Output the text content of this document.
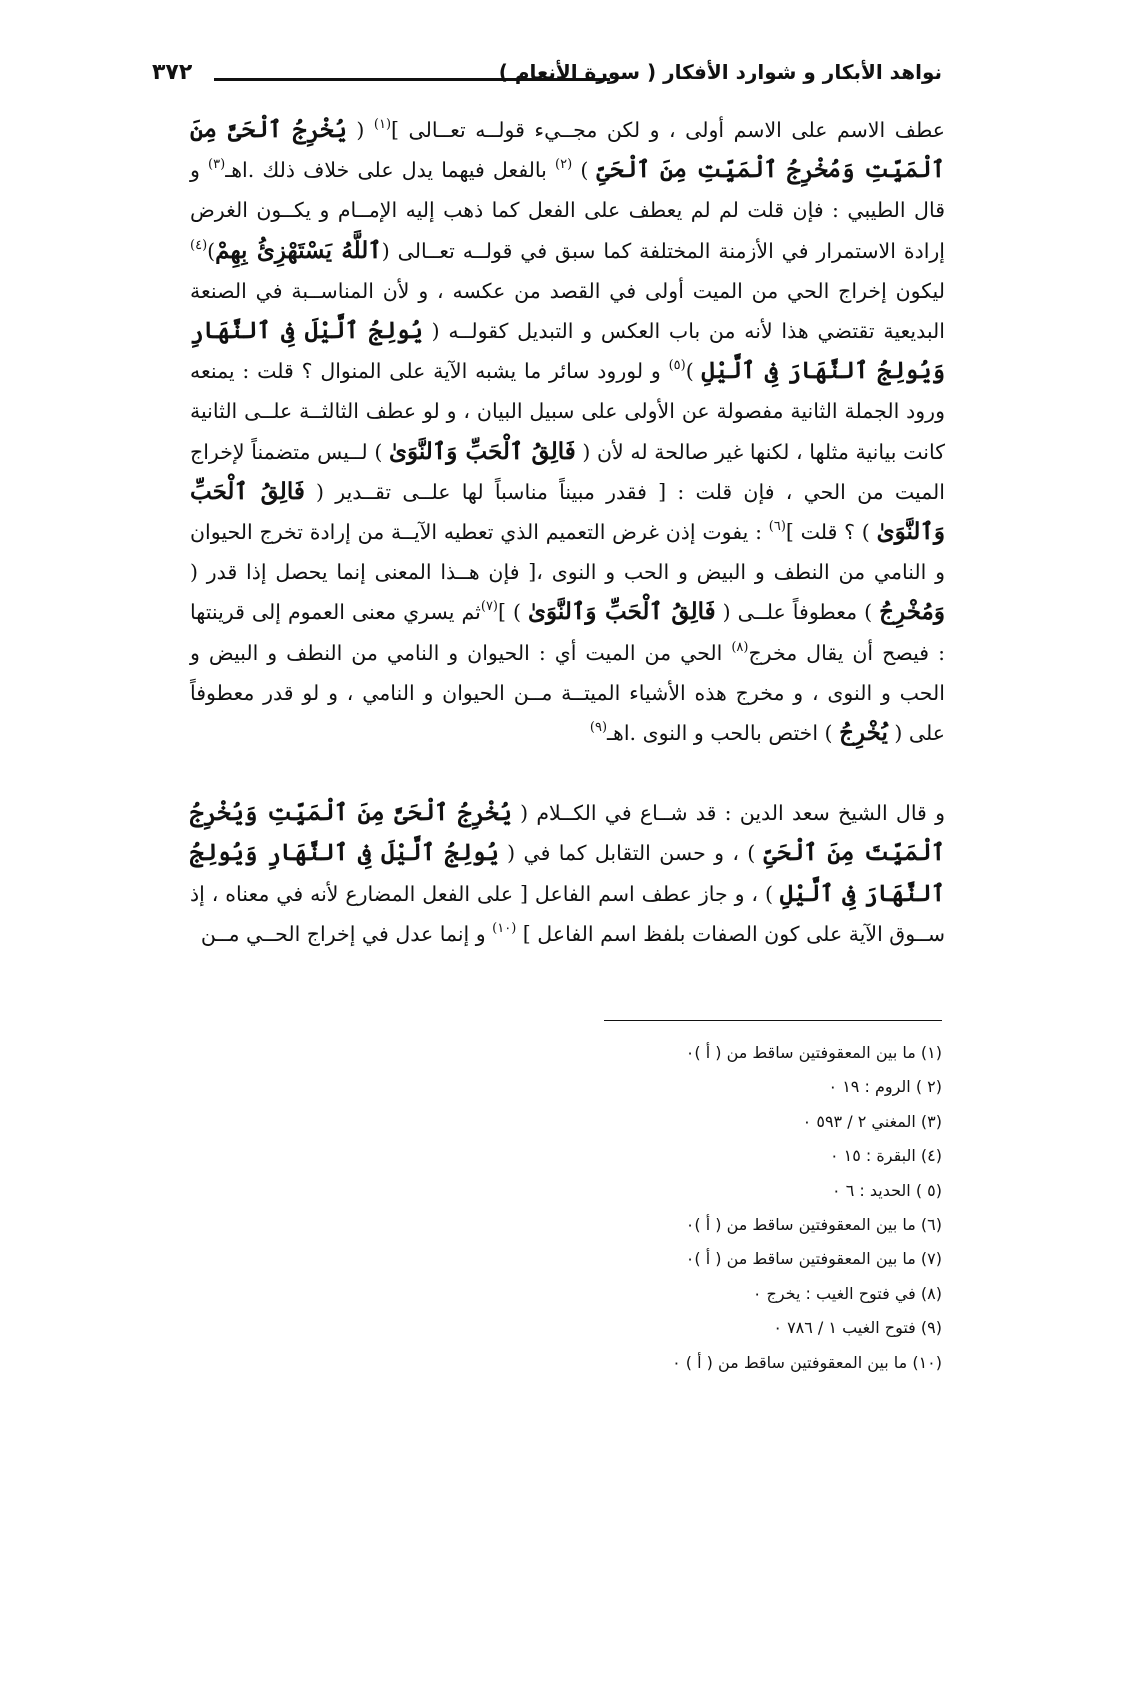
نواهد الأبكار و شوارد الأفكار ( سورة الأنعام )
٣٧٢

عطف الاسم على الاسم أولى ، و لكن مجــيء قولــه تعــالى ]$^{(١)}$ ( يُخْرِجُ ٱلْحَىَّ مِنَ ٱلْمَيِّتِ وَمُخْرِجُ ٱلْمَيِّتِ مِنَ ٱلْحَىِّ ) $^{(٢)}$ بالفعل فيهما يدل على خلاف ذلك .اهـ$^{(٣)}$ و قال الطيبي : فإن قلت لم لم يعطف على الفعل كما ذهب إليه الإمــام و يكــون الغرض إرادة الاستمرار في الأزمنة المختلفة كما سبق في قولــه تعــالى (ٱللَّهُ يَسْتَهْزِئُ بِهِمْ)$^{(٤)}$ ليكون إخراج الحي من الميت أولى في القصد من عكسه ، و لأن المناســبة في الصنعة البديعية تقتضي هذا لأنه من باب العكس و التبديل كقولــه ( يُولِجُ ٱلَّيْلَ فِى ٱلنَّهَارِ وَيُولِجُ ٱلنَّهَارَ فِى ٱلَّيْلِ )$^{(٥)}$ و لورود سائر ما يشبه الآية على المنوال ؟ قلت : يمنعه ورود الجملة الثانية مفصولة عن الأولى على سبيل البيان ، و لو عطف الثالثــة علــى الثانية كانت بيانية مثلها ، لكنها غير صالحة له لأن ( فَالِقُ ٱلْحَبِّ وَٱلنَّوَىٰ ) لــيس متضمناً لإخراج الميت من الحي ، فإن قلت : [ فقدر مبيناً مناسباً لها علــى تقــدير ( فَالِقُ ٱلْحَبِّ وَٱلنَّوَىٰ ) ؟ قلت ]$^{(٦)}$ : يفوت إذن غرض التعميم الذي تعطيه الآيــة من إرادة تخرج الحيوان و النامي من النطف و البيض و الحب و النوى ،[ فإن هــذا المعنى إنما يحصل إذا قدر ( وَمُخْرِجُ ) معطوفاً علــى ( فَالِقُ ٱلْحَبِّ وَٱلنَّوَىٰ ) ]$^{(٧)}$ثم يسري معنى العموم إلى قرينتها : فيصح أن يقال مخرج$^{(٨)}$ الحي من الميت أي : الحيوان و النامي من النطف و البيض و الحب و النوى ، و مخرج هذه الأشياء الميتــة مــن الحيوان و النامي ، و لو قدر معطوفاً على ( يُخْرِجُ ) اختص بالحب و النوى .اهـ$^{(٩)}$

و قال الشيخ سعد الدين : قد شــاع في الكــلام ( يُخْرِجُ ٱلْحَىَّ مِنَ ٱلْمَيِّتِ وَيُخْرِجُ ٱلْمَيِّتَ مِنَ ٱلْحَىِّ ) ، و حسن التقابل كما في ( يُولِجُ ٱلَّيْلَ فِى ٱلنَّهَارِ وَيُولِجُ ٱلنَّهَارَ فِى ٱلَّيْلِ ) ، و جاز عطف اسم الفاعل [ على الفعل المضارع لأنه في معناه ، إذ ســوق الآية على كون الصفات بلفظ اسم الفاعل ] $^{(١٠)}$ و إنما عدل في إخراج الحــي مــن

(١) ما بين المعقوفتين ساقط من ( أ )٠
(٢ ) الروم : ١٩ ٠
(٣) المغني ٢ / ٥٩٣ ٠
(٤) البقرة : ١٥ ٠
(٥ ) الحديد : ٦ ٠
(٦) ما بين المعقوفتين ساقط من ( أ )٠
(٧) ما بين المعقوفتين ساقط من ( أ )٠
(٨) في فتوح الغيب : يخرج ٠
(٩) فتوح الغيب ١ / ٧٨٦ ٠
(١٠) ما بين المعقوفتين ساقط من ( أ ) ٠
